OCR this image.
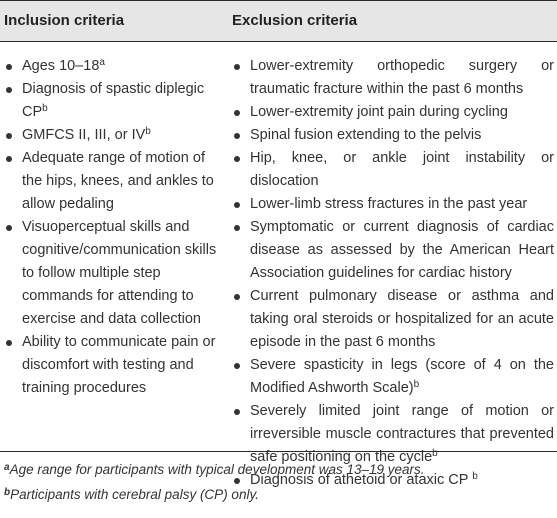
Inclusion criteria	Exclusion criteria
Ages 10–18$^a$
Diagnosis of spastic diplegic $CP^b$
GMFCS II, III, or $IV^b$
Adequate range of motion of the hips, knees, and ankles to allow pedaling
Visuoperceptual skills and cognitive/communication skills to follow multiple step commands for attending to exercise and data collection
Ability to communicate pain or discomfort with testing and training procedures
Lower-extremity orthopedic surgery or traumatic fracture within the past 6 months
Lower-extremity joint pain during cycling
Spinal fusion extending to the pelvis
Hip, knee, or ankle joint instability or dislocation
Lower-limb stress fractures in the past year
Symptomatic or current diagnosis of cardiac disease as assessed by the American Heart Association guidelines for cardiac history
Current pulmonary disease or asthma and taking oral steroids or hospitalized for an acute episode in the past 6 months
Severe spasticity in legs (score of 4 on the Modified Ashworth Scale)$^b$
Severely limited joint range of motion or irreversible muscle contractures that prevented safe positioning on the cycle$^b$
Diagnosis of athetoid or ataxic CP $^b$
$^a$Age range for participants with typical development was 13–19 years.
$^b$Participants with cerebral palsy (CP) only.
